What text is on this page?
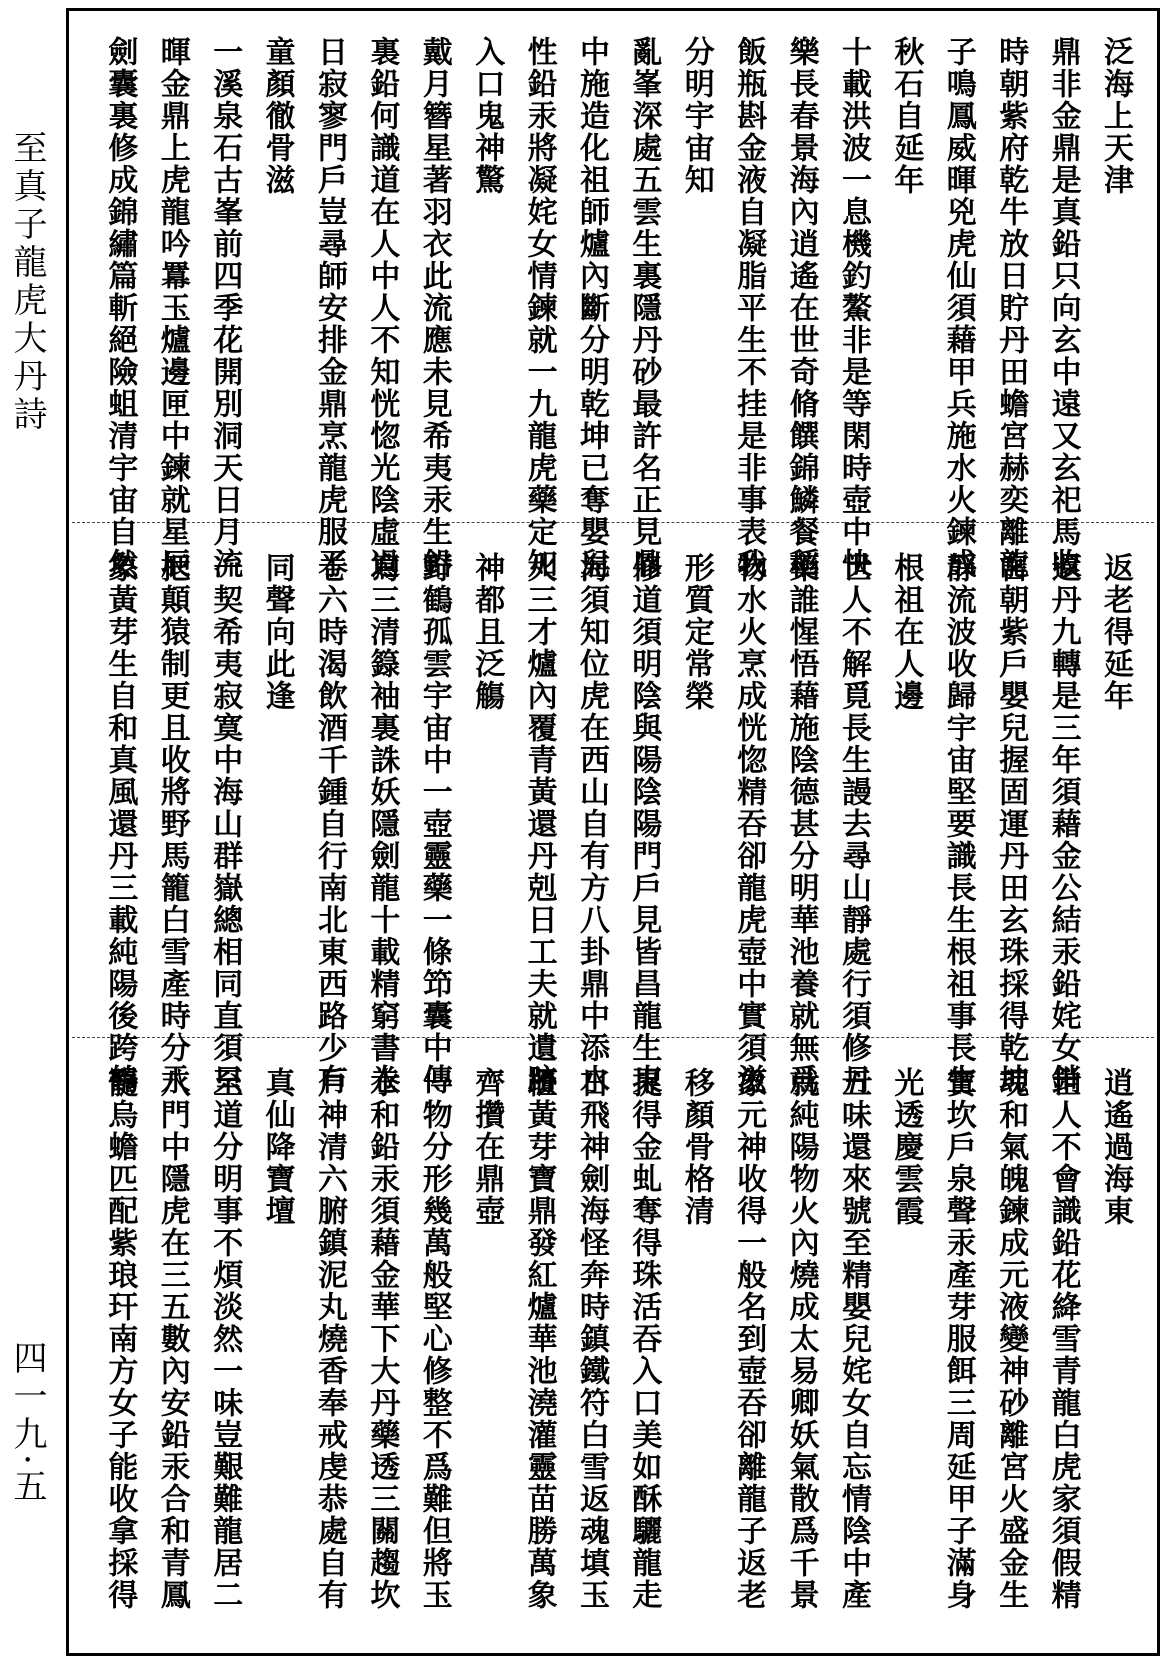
至真子龍虎大丹詩
四一九·五
泛海上天津
鼎非金鼎是真鉛只向玄中遠又玄祀馬收
時朝紫府乾牛放日貯丹田蟾宮赫奕離龍
子鳴鳳威暉兇虎仙須藉甲兵施水火鍊成
秋石自延年
十載洪波一息機釣鰲非是等閑時壺中快
樂長春景海內逍遙在世奇脩饌錦鱗餐稻
飯瓶斟金液自凝脂平生不挂是非事表我
分明宇宙知
亂峯深處五雲生裏隱丹砂最許名正見鼎
中施造化祖師爐內斷分明乾坤已奪嬰兒
性鉛汞將凝姹女情鍊就一九龍虎藥定知
入口鬼神驚
戴月簪星著羽衣此流應未見希夷汞生鉛
裏鉛何識道在人中人不知恍惚光陰虛過
日寂寥門戶豈尋師安排金鼎烹龍虎服了
童顏徹骨滋
一溪泉石古峯前四季花開別洞天日月流
暉金鼎上虎龍吟羃玉爐邊匣中鍊就星辰
劍囊裏修成錦繡篇斬絕險蛆清宇宙自然
返老得延年
還丹九轉是三年須藉金公結汞鉛姹女銷
宮朝紫戶嬰兒握固運丹田玄珠採得乾坤
靜流波收歸宇宙堅要識長生根祖事長生
根祖在人邊
世人不解覓長生謾去尋山靜處行須修丹
藥誰惺悟藉施陰德甚分明華池養就無爲
物水火烹成恍惚精吞卻龍虎壺中實須滋
形質定常榮
修道須明陰與陽陰陽門戶見皆昌龍生東
海須知位虎在西山自有方八卦鼎中添水
火三才爐內覆青黃還丹剋日工夫就遺跡
神都且泛觴
野鶴孤雲宇宙中一壺靈藥一條笻囊中傳
寫三清籙袖裏誅妖隱劍龍十載精窮書卷
卷六時渴飲酒千鍾自行南北東西路少有
同聲向此逢
一契希夷寂寞中海山群嶽總相同直須只
把顛猿制更且收將野馬籠白雪產時分汞
象黃芽生自和真風還丹三載純陽後跨鶴
逍遙過海東
世人不會識鉛花絳雪青龍白虎家須假精
魂和氣魄鍊成元液變神砂離宮火盛金生
寶坎戶泉聲汞產芽服餌三周延甲子滿身
光透慶雲霞
五味還來號至精嬰兒姹女自忘情陰中產
就純陽物火內燒成太易卿妖氣散爲千景
象元神收得一般名到壺吞卻離龍子返老
移顏骨格清
捉得金虬奪得珠活吞入口美如酥驪龍走
日飛神劍海怪奔時鎮鐵符白雪返魂填玉
櫃黃芽寶鼎發紅爐華池澆灌靈苗勝萬象
齊攢在鼎壺
一物分形幾萬般堅心修整不爲難但將玉
水和鉛汞須藉金華下大丹藥透三關趨坎
戶神清六腑鎮泥丸燒香奉戒虔恭處自有
真仙降寶壇
至道分明事不煩淡然一味豈艱難龍居二
八門中隱虎在三五數內安鉛汞合和青鳳
髓烏蟾匹配紫琅玕南方女子能收拿採得
